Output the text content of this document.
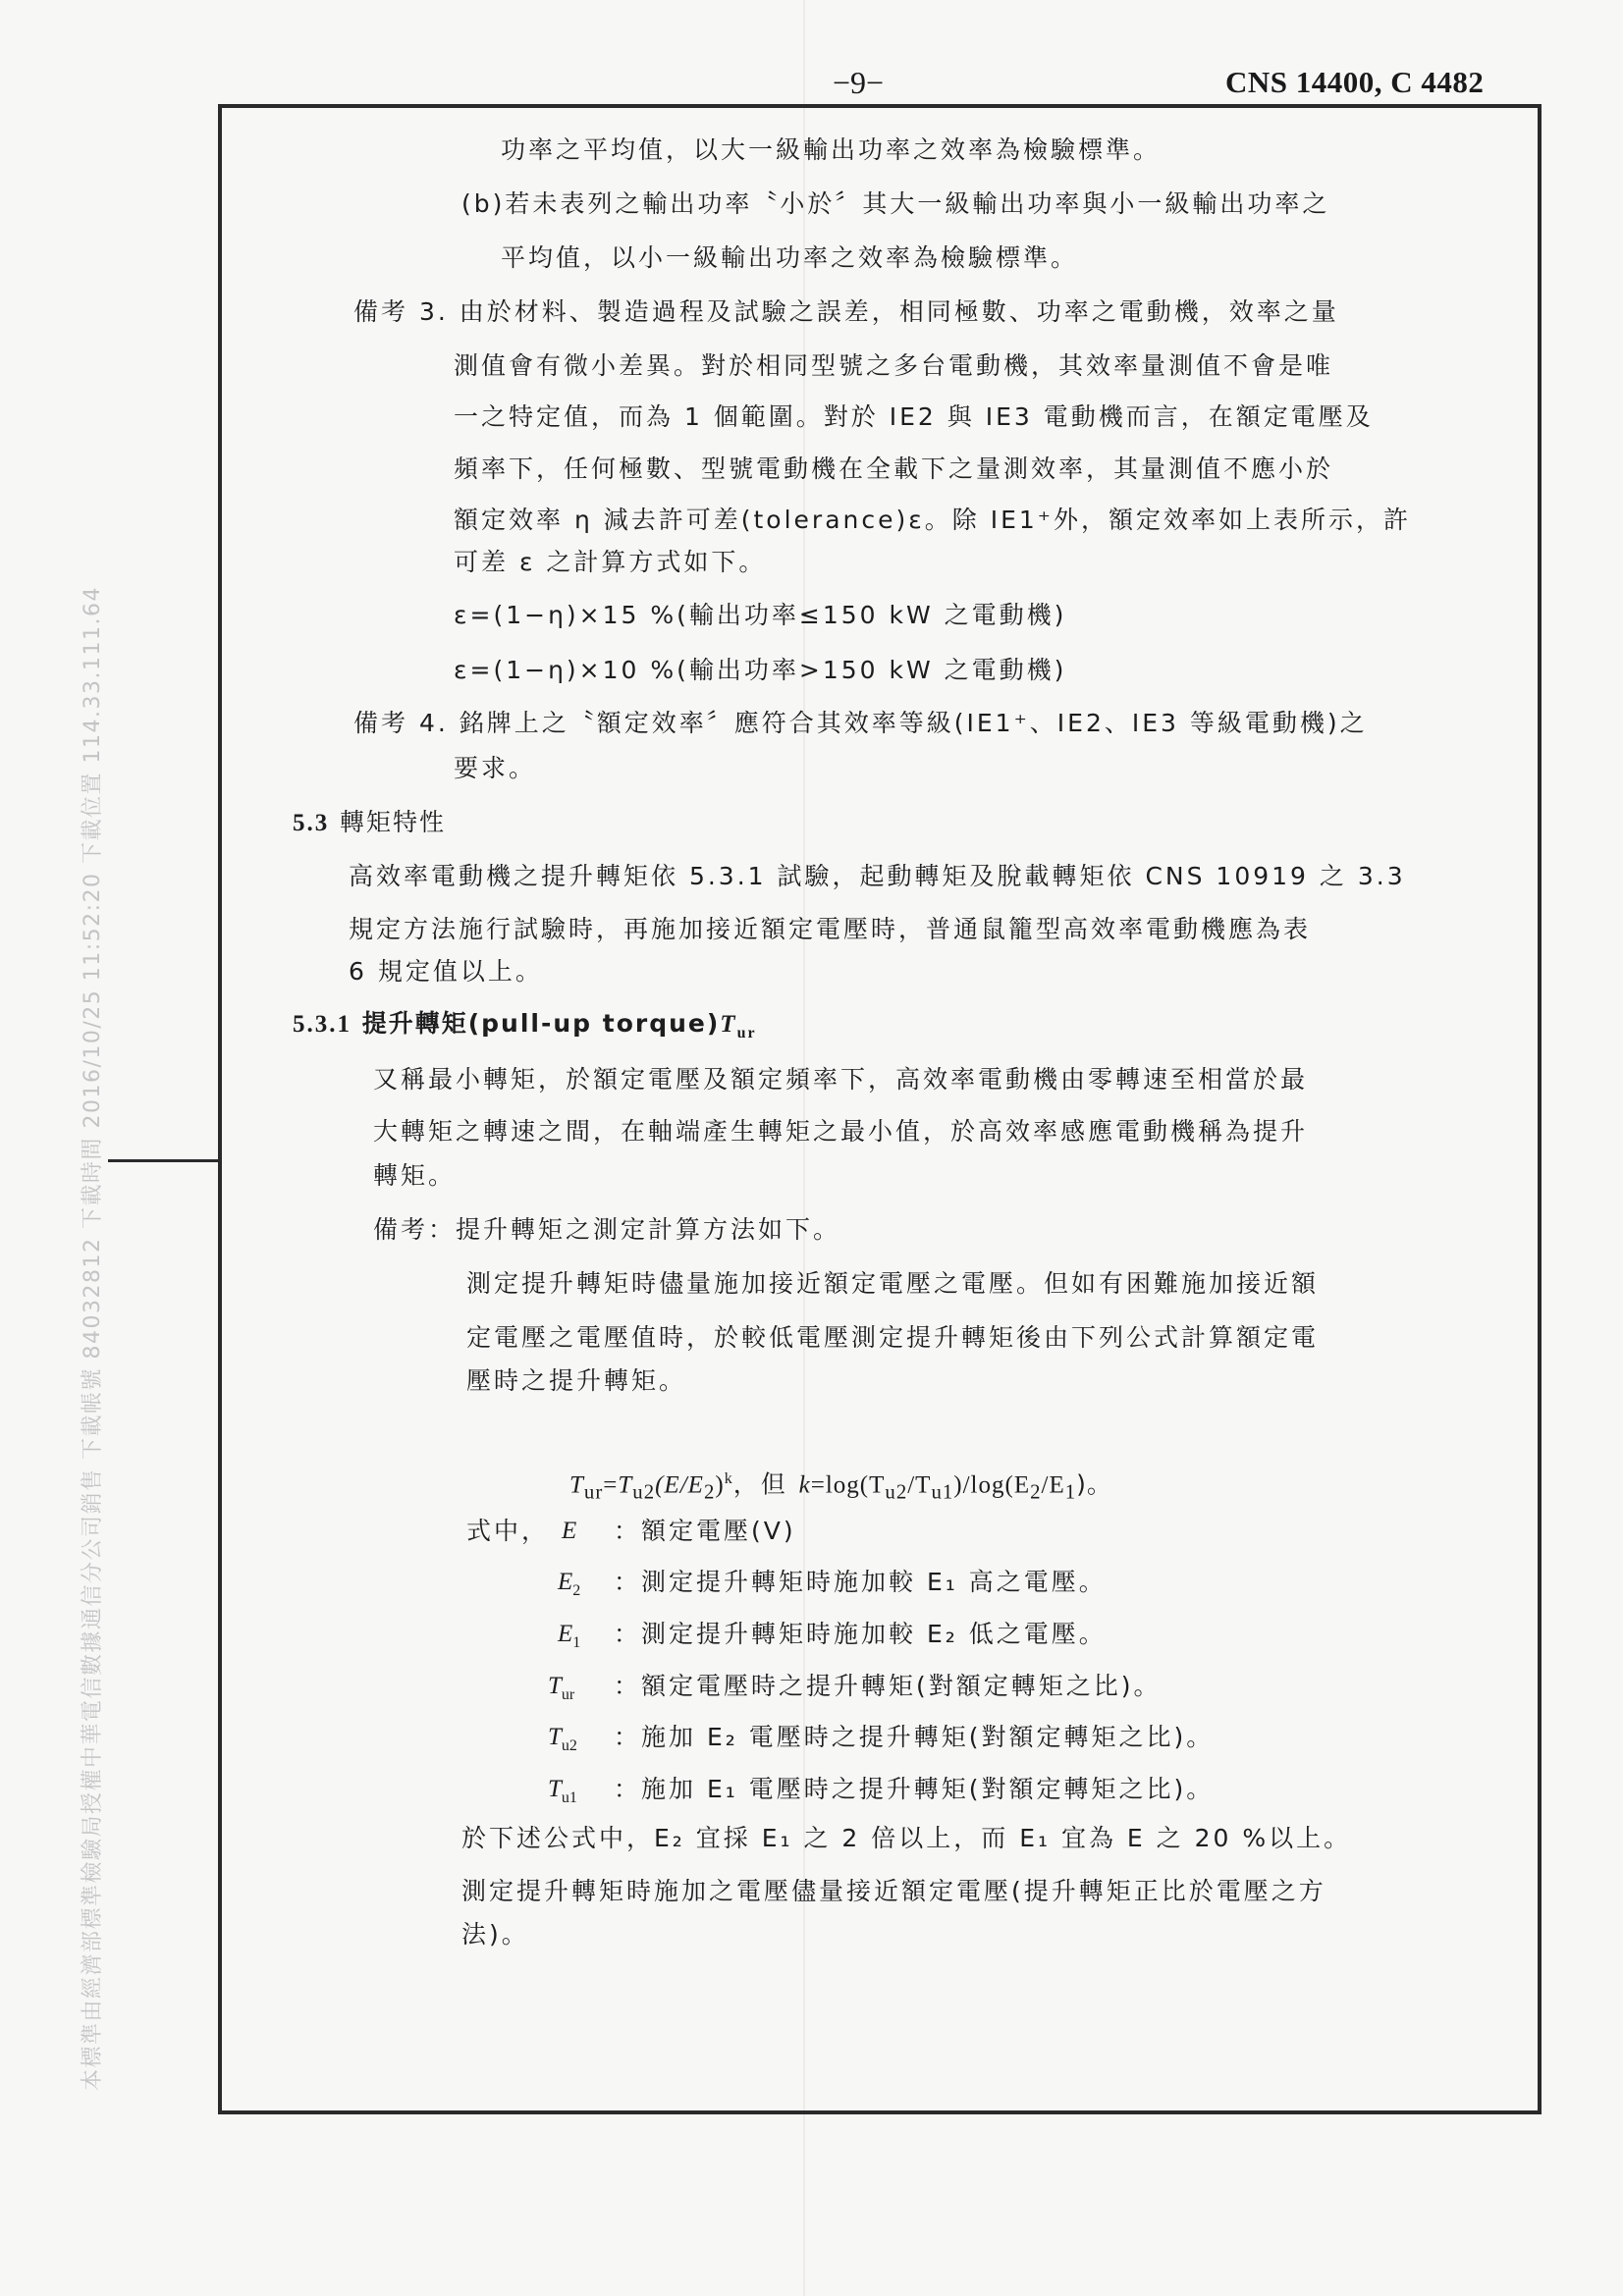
−9−	CNS 14400, C 4482
本標準由經濟部標準檢驗局授權中華電信數據通信分公司銷售 下載帳號 84032812 下載時間 2016/10/25 11:52:20 下載位置 114.33.111.64
功率之平均值，以大一級輸出功率之效率為檢驗標準。
(b)若未表列之輸出功率〝小於〞其大一級輸出功率與小一級輸出功率之
平均值，以小一級輸出功率之效率為檢驗標準。
備考 3. 由於材料、製造過程及試驗之誤差，相同極數、功率之電動機，效率之量
測值會有微小差異。對於相同型號之多台電動機，其效率量測值不會是唯
一之特定值，而為 1 個範圍。對於 IE2 與 IE3 電動機而言，在額定電壓及
頻率下，任何極數、型號電動機在全載下之量測效率，其量測值不應小於
額定效率 η 減去許可差(tolerance)ε。除 IE1⁺外，額定效率如上表所示，許
可差 ε 之計算方式如下。
ε=(1−η)×15 %(輸出功率≤150 kW 之電動機)
ε=(1−η)×10 %(輸出功率>150 kW 之電動機)
備考 4. 銘牌上之〝額定效率〞應符合其效率等級(IE1⁺、IE2、IE3 等級電動機)之
要求。
5.3 轉矩特性
高效率電動機之提升轉矩依 5.3.1 試驗，起動轉矩及脫載轉矩依 CNS 10919 之 3.3
規定方法施行試驗時，再施加接近額定電壓時，普通鼠籠型高效率電動機應為表
6 規定值以上。
5.3.1 提升轉矩(pull-up $torque)T_{ur}$
又稱最小轉矩，於額定電壓及額定頻率下，高效率電動機由零轉速至相當於最
大轉矩之轉速之間，在軸端產生轉矩之最小值，於高效率感應電動機稱為提升
轉矩。
備考：提升轉矩之測定計算方法如下。
測定提升轉矩時儘量施加接近額定電壓之電壓。但如有困難施加接近額
定電壓之電壓值時，於較低電壓測定提升轉矩後由下列公式計算額定電
壓時之提升轉矩。
$T_{ur}=T_{u2}(E/E_2)^k$，但 $k=\log(T_{u2}/T_{u1})/\log(E_2/E_1)$。
式中， E ：額定電壓(V)
$E_2$ ：測定提升轉矩時施加較 E₁ 高之電壓。
$E_1$ ：測定提升轉矩時施加較 E₂ 低之電壓。
$T_{ur}$ ：額定電壓時之提升轉矩(對額定轉矩之比)。
$T_{u2}$ ：施加 E₂ 電壓時之提升轉矩(對額定轉矩之比)。
$T_{u1}$ ：施加 E₁ 電壓時之提升轉矩(對額定轉矩之比)。
於下述公式中，E₂ 宜採 E₁ 之 2 倍以上，而 E₁ 宜為 E 之 20 %以上。
測定提升轉矩時施加之電壓儘量接近額定電壓(提升轉矩正比於電壓之方
法)。
